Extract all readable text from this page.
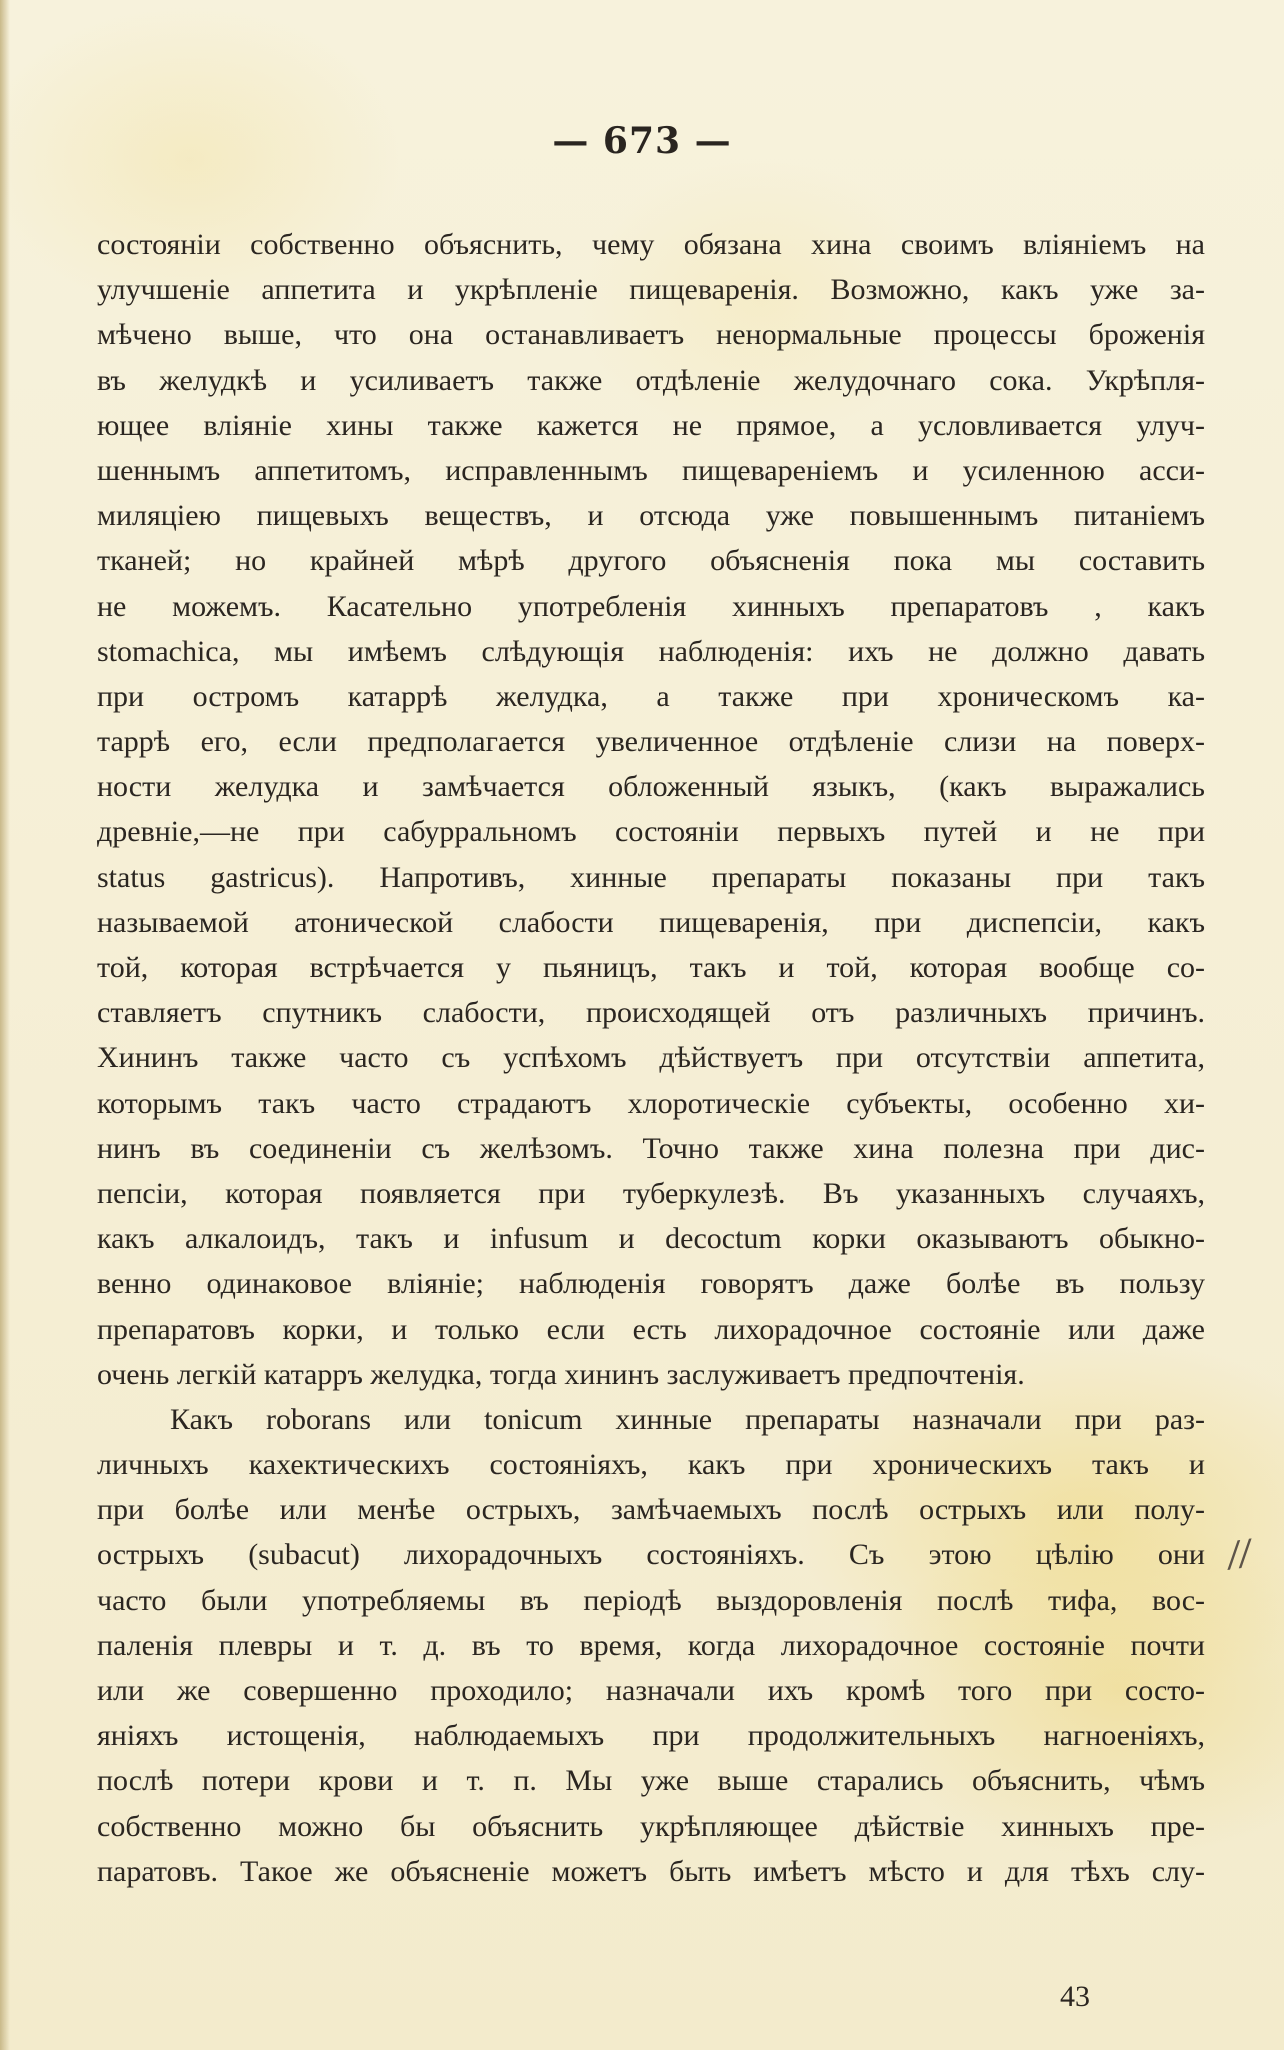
— 673 —
состоянiи собственно объяснить, чему обязана хина своимъ влiянiемъ на
улучшенiе аппетита и укрѣпленiе пищеваренiя. Возможно, какъ уже за-
мѣчено выше, что она останавливаетъ ненормальные процессы броженiя
въ желудкѣ и усиливаетъ также отдѣленiе желудочнаго сока. Укрѣпля-
ющее влiянiе хины также кажется не прямое, а условливается улуч-
шеннымъ аппетитомъ, исправленнымъ пищеваренiемъ и усиленною асси-
миляцiею пищевыхъ веществъ, и отсюда уже повышеннымъ питанiемъ
тканей; но крайней мѣрѣ другого объясненiя пока мы составить
не можемъ. Касательно употребленiя хинныхъ препаратовъ , какъ
stomachica, мы имѣемъ слѣдующiя наблюденiя: ихъ не должно давать
при остромъ катаррѣ желудка, а также при хроническомъ ка-
таррѣ его, если предполагается увеличенное отдѣленiе слизи на поверх-
ности желудка и замѣчается обложенный языкъ, (какъ выражались
древнiе,—не при сабурральномъ состоянiи первыхъ путей и не при
status gastricus). Напротивъ, хинные препараты показаны при такъ
называемой атонической слабости пищеваренiя, при диспепсiи, какъ
той, которая встрѣчается у пьяницъ, такъ и той, которая вообще со-
ставляетъ спутникъ слабости, происходящей отъ различныхъ причинъ.
Хининъ также часто съ успѣхомъ дѣйствуетъ при отсутствiи аппетита,
которымъ такъ часто страдаютъ хлоротическiе субъекты, особенно хи-
нинъ въ соединенiи съ желѣзомъ. Точно также хина полезна при дис-
пепсiи, которая появляется при туберкулезѣ. Въ указанныхъ случаяхъ,
какъ алкалоидъ, такъ и infusum и decoctum корки оказываютъ обыкно-
венно одинаковое влiянiе; наблюденiя говорятъ даже болѣе въ пользу
препаратовъ корки, и только если есть лихорадочное состоянiе или даже
очень легкiй катарръ желудка, тогда хининъ заслуживаетъ предпочтенiя.
Какъ roborans или tonicum хинные препараты назначали при раз-
личныхъ кахектическихъ состоянiяхъ, какъ при хроническихъ такъ и
при болѣе или менѣе острыхъ, замѣчаемыхъ послѣ острыхъ или полу-
острыхъ (subacut) лихорадочныхъ состоянiяхъ. Съ этою цѣлiю они
часто были употребляемы въ перiодѣ выздоровленiя послѣ тифа, вос-
паленiя плевры и т. д. въ то время, когда лихорадочное состоянiе почти
или же совершенно проходило; назначали ихъ кромѣ того при состо-
янiяхъ истощенiя, наблюдаемыхъ при продолжительныхъ нагноенiяхъ,
послѣ потери крови и т. п. Мы уже выше старались объяснить, чѣмъ
собственно можно бы объяснить укрѣпляющее дѣйствiе хинныхъ пре-
паратовъ. Такое же объясненiе можетъ быть имѣетъ мѣсто и для тѣхъ слу-
//
43
